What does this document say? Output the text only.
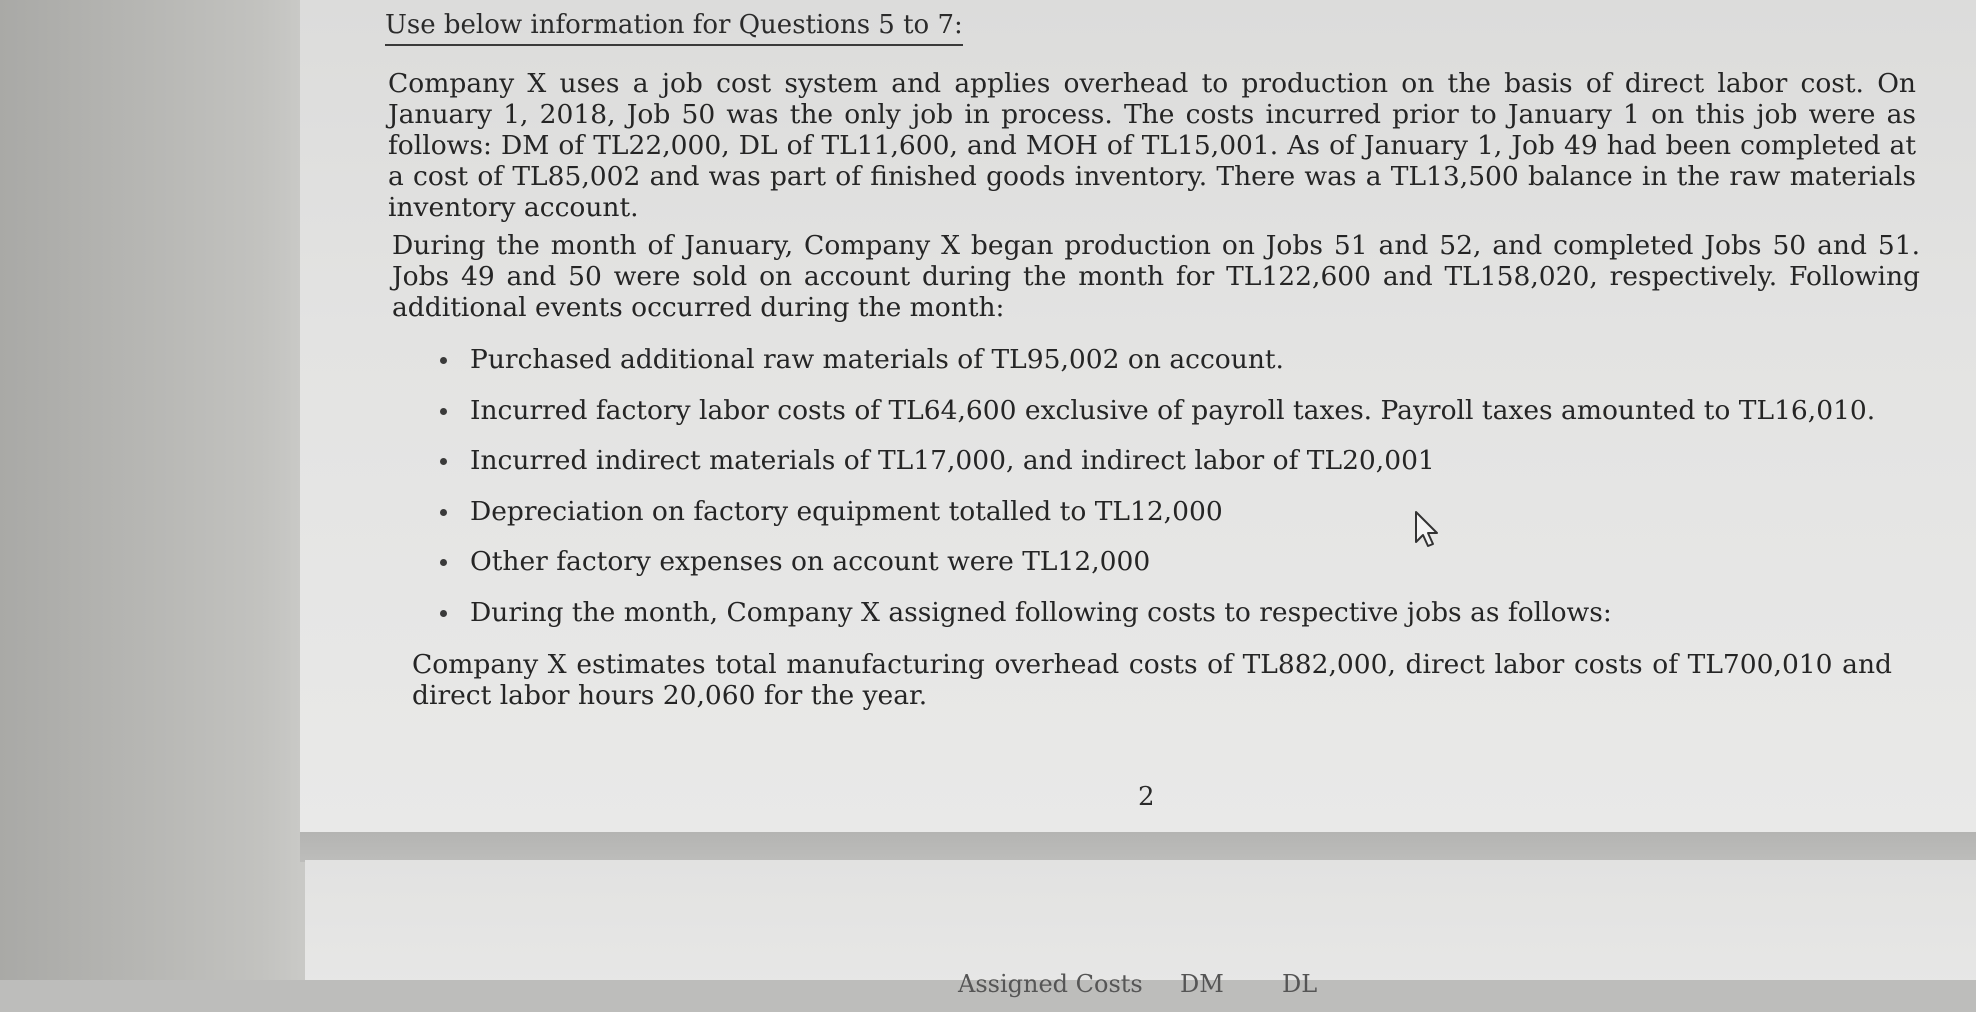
Use below information for Questions 5 to 7:
Company X uses a job cost system and applies overhead to production on the basis of direct labor cost. On January 1, 2018, Job 50 was the only job in process. The costs incurred prior to January 1 on this job were as follows: DM of TL22,000, DL of TL11,600, and MOH of TL15,001. As of January 1, Job 49 had been completed at a cost of TL85,002 and was part of finished goods inventory. There was a TL13,500 balance in the raw materials inventory account.
During the month of January, Company X began production on Jobs 51 and 52, and completed Jobs 50 and 51. Jobs 49 and 50 were sold on account during the month for TL122,600 and TL158,020, respectively. Following additional events occurred during the month:
Purchased additional raw materials of TL95,002 on account.
Incurred factory labor costs of TL64,600 exclusive of payroll taxes. Payroll taxes amounted to TL16,010.
Incurred indirect materials of TL17,000, and indirect labor of TL20,001
Depreciation on factory equipment totalled to TL12,000
Other factory expenses on account were TL12,000
During the month, Company X assigned following costs to respective jobs as follows:
Company X estimates total manufacturing overhead costs of TL882,000, direct labor costs of TL700,010 and direct labor hours 20,060 for the year.
2
